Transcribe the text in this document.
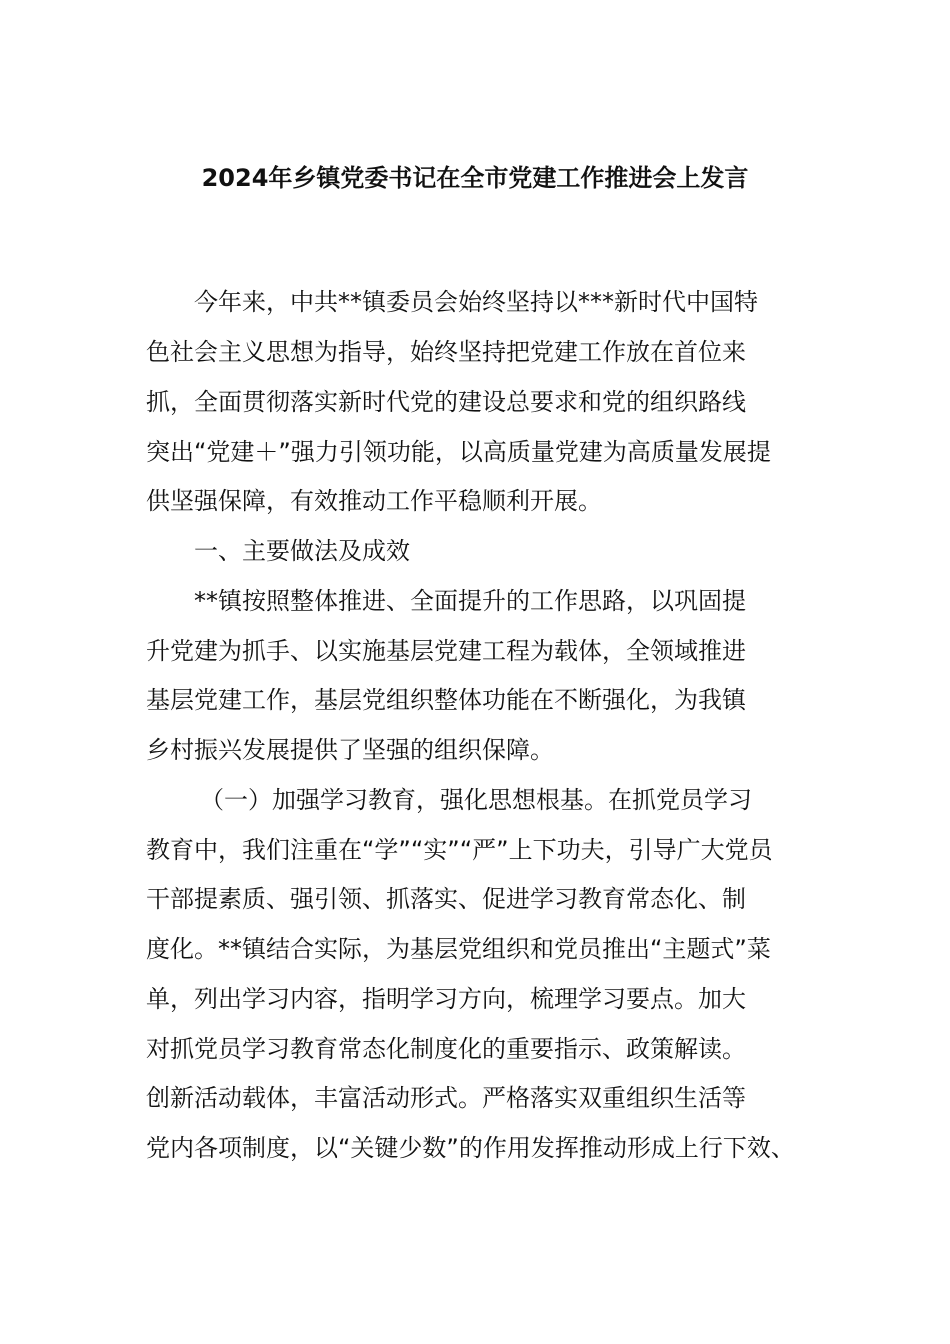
2024年乡镇党委书记在全市党建工作推进会上发言
今年来，中共**镇委员会始终坚持以***新时代中国特
色社会主义思想为指导，始终坚持把党建工作放在首位来
抓，全面贯彻落实新时代党的建设总要求和党的组织路线
突出“党建＋”强力引领功能，以高质量党建为高质量发展提
供坚强保障，有效推动工作平稳顺利开展。
一、主要做法及成效
**镇按照整体推进、全面提升的工作思路，以巩固提
升党建为抓手、以实施基层党建工程为载体，全领域推进
基层党建工作，基层党组织整体功能在不断强化，为我镇
乡村振兴发展提供了坚强的组织保障。
（一）加强学习教育，强化思想根基。在抓党员学习
教育中，我们注重在“学”“实”“严”上下功夫，引导广大党员
干部提素质、强引领、抓落实、促进学习教育常态化、制
度化。**镇结合实际，为基层党组织和党员推出“主题式”菜
单，列出学习内容，指明学习方向，梳理学习要点。加大
对抓党员学习教育常态化制度化的重要指示、政策解读。
创新活动载体，丰富活动形式。严格落实双重组织生活等
党内各项制度，以“关键少数”的作用发挥推动形成上行下效、
